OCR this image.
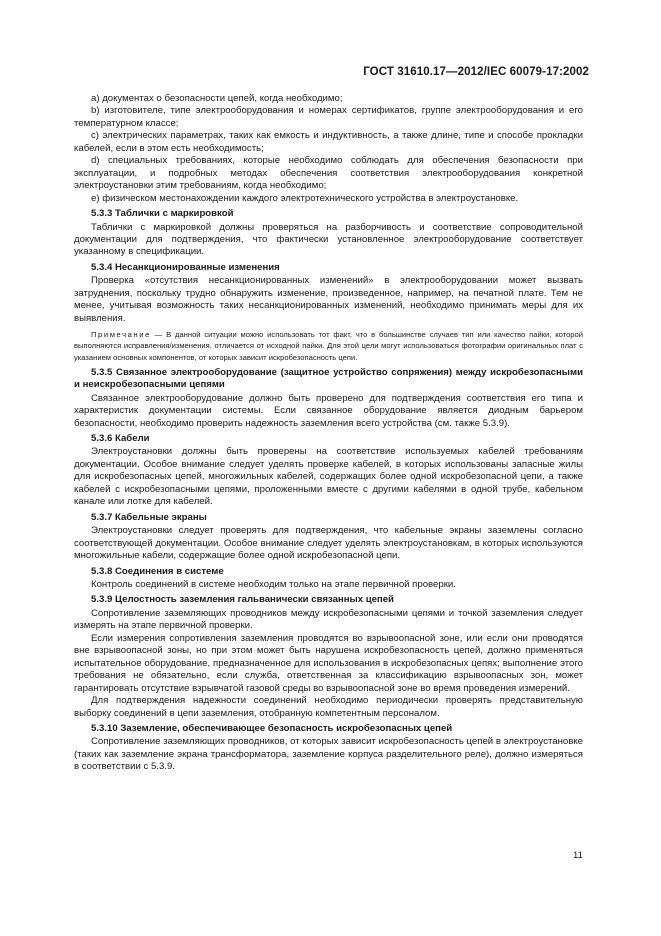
ГОСТ 31610.17—2012/IEC 60079-17:2002

a) документах о безопасности цепей, когда необходимо;

b) изготовителе, типе электрооборудования и номерах сертификатов, группе электрооборудования и его температурном классе;

c) электрических параметрах, таких как емкость и индуктивность, а также длине, типе и способе прокладки кабелей, если в этом есть необходимость;

d) специальных требованиях, которые необходимо соблюдать для обеспечения безопасности при эксплуатации, и подробных методах обеспечения соответствия электрооборудования конкретной электроустановки этим требованиям, когда необходимо;

e) физическом местонахождении каждого электротехнического устройства в электроустановке.

5.3.3 Таблички с маркировкой

Таблички с маркировкой должны проверяться на разборчивость и соответствие сопроводительной документации для подтверждения, что фактически установленное электрооборудование соответствует указанному в спецификации.

5.3.4 Несанкционированные изменения

Проверка «отсутствия несанкционированных изменений» в электрооборудовании может вызвать затруднения, поскольку трудно обнаружить изменение, произведенное, например, на печатной плате. Тем не менее, учитывая возможность таких несанкционированных изменений, необходимо принимать меры для их выявления.

Примечание — В данной ситуации можно использовать тот факт, что в большинстве случаев тип или качество пайки, которой выполняются исправления/изменения, отличается от исходной пайки. Для этой цели могут использоваться фотографии оригинальных плат с указанием основных компонентов, от которых зависит искробезопасность цепи.

5.3.5 Связанное электрооборудование (защитное устройство сопряжения) между искробезопасными и неискробезопасными цепями

Связанное электрооборудование должно быть проверено для подтверждения соответствия его типа и характеристик документации системы. Если связанное оборудование является диодным барьером безопасности, необходимо проверить надежность заземления всего устройства (см. также 5.3.9).

5.3.6 Кабели

Электроустановки должны быть проверены на соответствие используемых кабелей требованиям документации. Особое внимание следует уделять проверке кабелей, в которых использованы запасные жилы для искробезопасных цепей, многожильных кабелей, содержащих более одной искробезопасной цепи, а также кабелей с искробезопасными цепями, проложенными вместе с другими кабелями в одной трубе, кабельном канале или лотке для кабелей.

5.3.7 Кабельные экраны

Электроустановки следует проверять для подтверждения, что кабельные экраны заземлены согласно соответствующей документации. Особое внимание следует уделять электроустановкам, в которых используются многожильные кабели, содержащие более одной искробезопасной цепи.

5.3.8 Соединения в системе

Контроль соединений в системе необходим только на этапе первичной проверки.

5.3.9 Целостность заземления гальванически связанных цепей

Сопротивление заземляющих проводников между искробезопасными цепями и точкой заземления следует измерять на этапе первичной проверки.

Если измерения сопротивления заземления проводятся во взрывоопасной зоне, или если они проводятся вне взрывоопасной зоны, но при этом может быть нарушена искробезопасность цепей, должно применяться испытательное оборудование, предназначенное для использования в искробезопасных цепях; выполнение этого требования не обязательно, если служба, ответственная за классификацию взрывоопасных зон, может гарантировать отсутствие взрывчатой газовой среды во взрывоопасной зоне во время проведения измерений.

Для подтверждения надежности соединений необходимо периодически проверять представительную выборку соединений в цепи заземления, отобранную компетентным персоналом.

5.3.10 Заземление, обеспечивающее безопасность искробезопасных цепей

Сопротивление заземляющих проводников, от которых зависит искробезопасность цепей в электроустановке (таких как заземление экрана трансформатора, заземление корпуса разделительного реле), должно измеряться в соответствии с 5.3.9.

11
